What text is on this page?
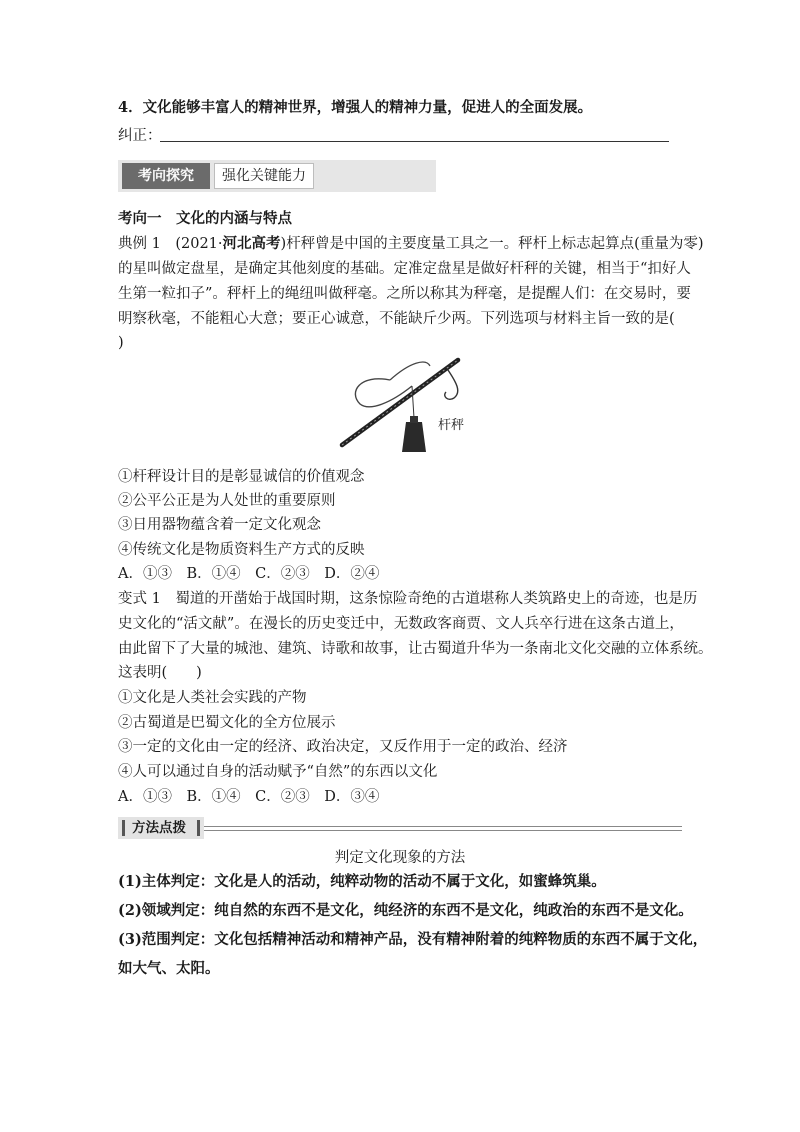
4．文化能够丰富人的精神世界，增强人的精神力量，促进人的全面发展。
纠正：
考向探究	强化关键能力
考向一　文化的内涵与特点
典例 1　(2021·河北高考)杆秤曾是中国的主要度量工具之一。秤杆上标志起算点(重量为零)
的星叫做定盘星，是确定其他刻度的基础。定准定盘星是做好杆秤的关键，相当于“扣好人
生第一粒扣子”。秤杆上的绳纽叫做秤毫。之所以称其为秤毫，是提醒人们：在交易时，要
明察秋毫，不能粗心大意；要正心诚意，不能缺斤少两。下列选项与材料主旨一致的是(
)
杆秤
①杆秤设计目的是彰显诚信的价值观念
②公平公正是为人处世的重要原则
③日用器物蕴含着一定文化观念
④传统文化是物质资料生产方式的反映
A．①③　B．①④　C．②③　D．②④
变式 1　蜀道的开凿始于战国时期，这条惊险奇绝的古道堪称人类筑路史上的奇迹，也是历
史文化的“活文献”。在漫长的历史变迁中，无数政客商贾、文人兵卒行进在这条古道上，
由此留下了大量的城池、建筑、诗歌和故事，让古蜀道升华为一条南北文化交融的立体系统。
这表明(　　)
①文化是人类社会实践的产物
②古蜀道是巴蜀文化的全方位展示
③一定的文化由一定的经济、政治决定，又反作用于一定的政治、经济
④人可以通过自身的活动赋予“自然”的东西以文化
A．①③　B．①④　C．②③　D．③④
方法点拨
判定文化现象的方法
(1)主体判定：文化是人的活动，纯粹动物的活动不属于文化，如蜜蜂筑巢。
(2)领域判定：纯自然的东西不是文化，纯经济的东西不是文化，纯政治的东西不是文化。
(3)范围判定：文化包括精神活动和精神产品，没有精神附着的纯粹物质的东西不属于文化，
如大气、太阳。
